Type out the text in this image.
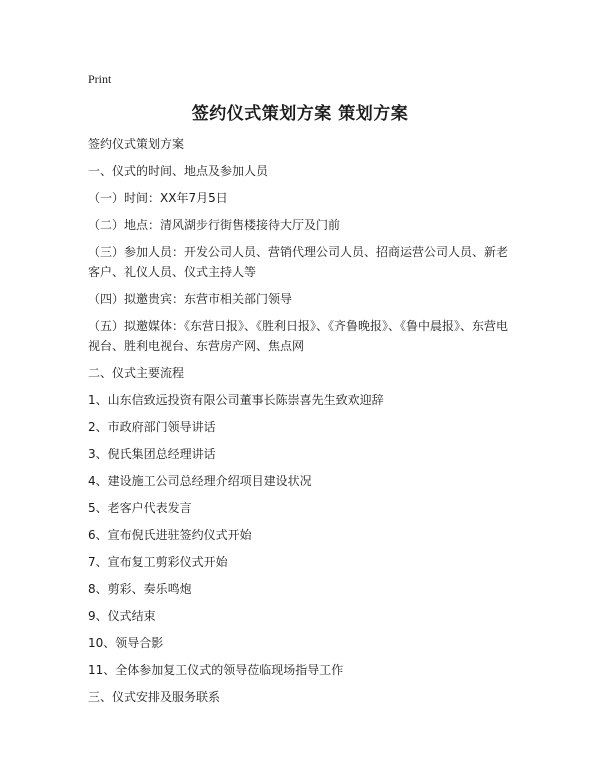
Print
签约仪式策划方案 策划方案

签约仪式策划方案

一、仪式的时间、地点及参加人员

（一）时间：XX年7月5日

（二）地点：清风湖步行街售楼接待大厅及门前

（三）参加人员：开发公司人员、营销代理公司人员、招商运营公司人员、新老客户、礼仪人员、仪式主持人等

（四）拟邀贵宾：东营市相关部门领导

（五）拟邀媒体：《东营日报》、《胜利日报》、《齐鲁晚报》、《鲁中晨报》、东营电视台、胜利电视台、东营房产网、焦点网

二、仪式主要流程

1、山东信致远投资有限公司董事长陈崇喜先生致欢迎辞

2、市政府部门领导讲话

3、倪氏集团总经理讲话

4、建设施工公司总经理介绍项目建设状况

5、老客户代表发言

6、宣布倪氏进驻签约仪式开始

7、宣布复工剪彩仪式开始

8、剪彩、奏乐鸣炮

9、仪式结束

10、领导合影

11、全体参加复工仪式的领导莅临现场指导工作

三、仪式安排及服务联系
